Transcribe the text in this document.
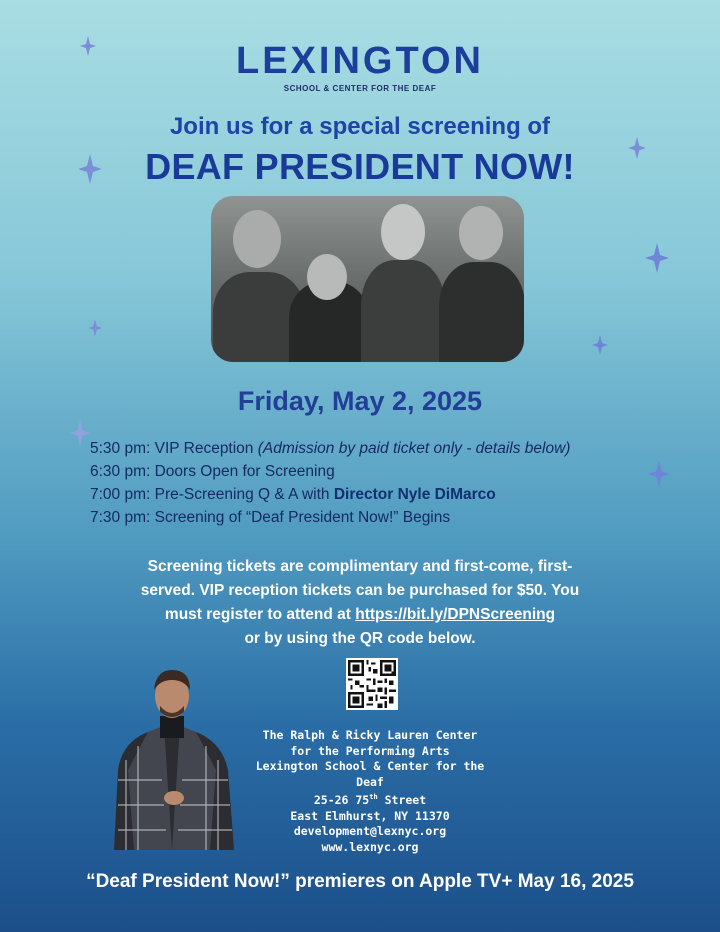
LEXINGTON
SCHOOL & CENTER FOR THE DEAF
Join us for a special screening of
DEAF PRESIDENT NOW!
Friday, May 2, 2025
5:30 pm: VIP Reception (Admission by paid ticket only - details below)
6:30 pm: Doors Open for Screening
7:00 pm: Pre-Screening Q & A with Director Nyle DiMarco
7:30 pm: Screening of “Deaf President Now!” Begins
Screening tickets are complimentary and first-come, first-
served. VIP reception tickets can be purchased for $50. You
must register to attend at https://bit.ly/DPNScreening
or by using the QR code below.
The Ralph & Ricky Lauren Center
for the Performing Arts
Lexington School & Center for the Deaf
25-26 75th Street
East Elmhurst, NY 11370
development@lexnyc.org
www.lexnyc.org
“Deaf President Now!” premieres on Apple TV+ May 16, 2025
